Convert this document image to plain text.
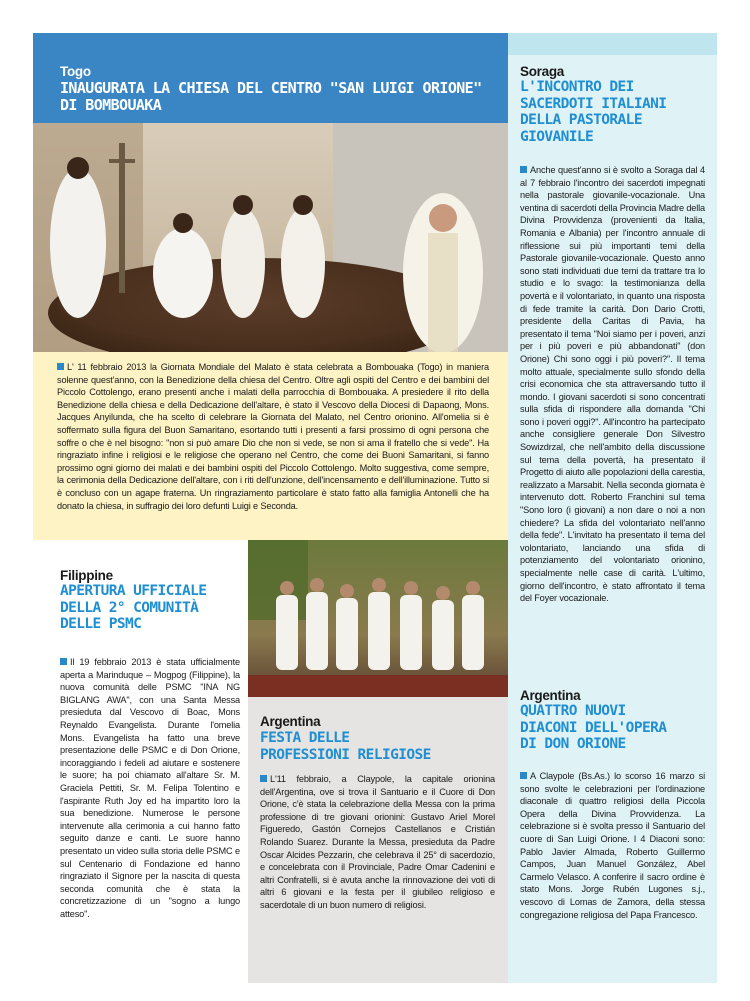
Togo
INAUGURATA LA CHIESA DEL CENTRO "SAN LUIGI ORIONE"
DI BOMBOUAKA
L' 11 febbraio 2013 la Giornata Mondiale del Malato è stata celebrata a Bombouaka (Togo) in maniera solenne quest'anno, con la Benedizione della chiesa del Centro. Oltre agli ospiti del Centro e dei bambini del Piccolo Cottolengo, erano presenti anche i malati della parrocchia di Bombouaka. A presiedere il rito della Benedizione della chiesa e della Dedicazione dell'altare, è stato il Vescovo della Diocesi di Dapaong, Mons. Jacques Anyilunda, che ha scelto di celebrare la Giornata del Malato, nel Centro orionino. All'omelia si è soffermato sulla figura del Buon Samaritano, esortando tutti i presenti a farsi prossimo di ogni persona che soffre o che è nel bisogno: "non si può amare Dio che non si vede, se non si ama il fratello che si vede". Ha ringraziato infine i religiosi e le religiose che operano nel Centro, che come dei Buoni Samaritani, si fanno prossimo ogni giorno dei malati e dei bambini ospiti del Piccolo Cottolengo. Molto suggestiva, come sempre, la cerimonia della Dedicazione dell'altare, con i riti dell'unzione, dell'incensamento e dell'illuminazione. Tutto si è concluso con un agape fraterna. Un ringraziamento particolare è stato fatto alla famiglia Antonelli che ha donato la chiesa, in suffragio dei loro defunti Luigi e Seconda.
Soraga
L'INCONTRO DEI
SACERDOTI ITALIANI
DELLA PASTORALE
GIOVANILE
Anche quest'anno si è svolto a Soraga dal 4 al 7 febbraio l'incontro dei sacerdoti impegnati nella pastorale giovanile-vocazionale. Una ventina di sacerdoti della Provincia Madre della Divina Provvidenza (provenienti da Italia, Romania e Albania) per l'incontro annuale di riflessione sui più importanti temi della Pastorale giovanile-vocazionale. Questo anno sono stati individuati due temi da trattare tra lo studio e lo svago: la testimonianza della povertà e il volontariato, in quanto una risposta di fede tramite la carità. Don Dario Crotti, presidente della Caritas di Pavia, ha presentato il tema "Noi siamo per i poveri, anzi per i più poveri e più abbandonati" (don Orione) Chi sono oggi i più poveri?". Il tema molto attuale, specialmente sullo sfondo della crisi economica che sta attraversando tutto il mondo. I giovani sacerdoti si sono concentrati sulla sfida di rispondere alla domanda "Chi sono i poveri oggi?". All'incontro ha partecipato anche consigliere generale Don Silvestro Sowizdrzal, che nell'ambito della discussione sul tema della povertà, ha presentato il Progetto di aiuto alle popolazioni della carestia, realizzato a Marsabit. Nella seconda giornata è intervenuto dott. Roberto Franchini sul tema "Sono loro (i giovani) a non dare o noi a non chiedere? La sfida del volontariato nell'anno della fede". L'invitato ha presentato il tema del volontariato, lanciando una sfida di potenziamento del volontariato orionino, specialmente nelle case di carità. L'ultimo, giorno dell'incontro, è stato affrontato il tema del Foyer vocazionale.
Argentina
QUATTRO NUOVI
DIACONI DELL'OPERA
DI DON ORIONE
A Claypole (Bs.As.) lo scorso 16 marzo si sono svolte le celebrazioni per l'ordinazione diaconale di quattro religiosi della Piccola Opera della Divina Provvidenza. La celebrazione si è svolta presso il Santuario del cuore di San Luigi Orione. I 4 Diaconi sono: Pablo Javier Almada, Roberto Guillermo Campos, Juan Manuel González, Abel Carmelo Velasco. A conferire il sacro ordine è stato Mons. Jorge Rubén Lugones s.j., vescovo di Lomas de Zamora, della stessa congregazione religiosa del Papa Francesco.
Filippine
APERTURA UFFICIALE
DELLA 2° COMUNITÀ
DELLE PSMC
Il 19 febbraio 2013 è stata ufficialmente aperta a Marinduque – Mogpog (Filippine), la nuova comunità delle PSMC "INA NG BIGLANG AWA", con una Santa Messa presieduta dal Vescovo di Boac, Mons Reynaldo Evangelista. Durante l'omelia Mons. Evangelista ha fatto una breve presentazione delle PSMC e di Don Orione, incoraggiando i fedeli ad aiutare e sostenere le suore; ha poi chiamato all'altare Sr. M. Graciela Pettiti, Sr. M. Felipa Tolentino e l'aspirante Ruth Joy ed ha impartito loro la sua benedizione. Numerose le persone intervenute alla cerimonia a cui hanno fatto seguito danze e canti. Le suore hanno presentato un video sulla storia delle PSMC e sul Centenario di Fondazione ed hanno ringraziato il Signore per la nascita di questa seconda comunità che è stata la concretizzazione di un "sogno a lungo atteso".
Argentina
FESTA DELLE
PROFESSIONI RELIGIOSE
L'11 febbraio, a Claypole, la capitale orionina dell'Argentina, ove si trova il Santuario e il Cuore di Don Orione, c'è stata la celebrazione della Messa con la prima professione di tre giovani orionini: Gustavo Ariel Morel Figueredo, Gastón Cornejos Castellanos e Cristián Rolando Suarez. Durante la Messa, presieduta da Padre Oscar Alcides Pezzarin, che celebrava il 25° di sacerdozio, e concelebrata con il Provinciale, Padre Omar Cadenini e altri Confratelli, si è avuta anche la rinnovazione dei voti di altri 6 giovani e la festa per il giubileo religioso e sacerdotale di un buon numero di religiosi.
